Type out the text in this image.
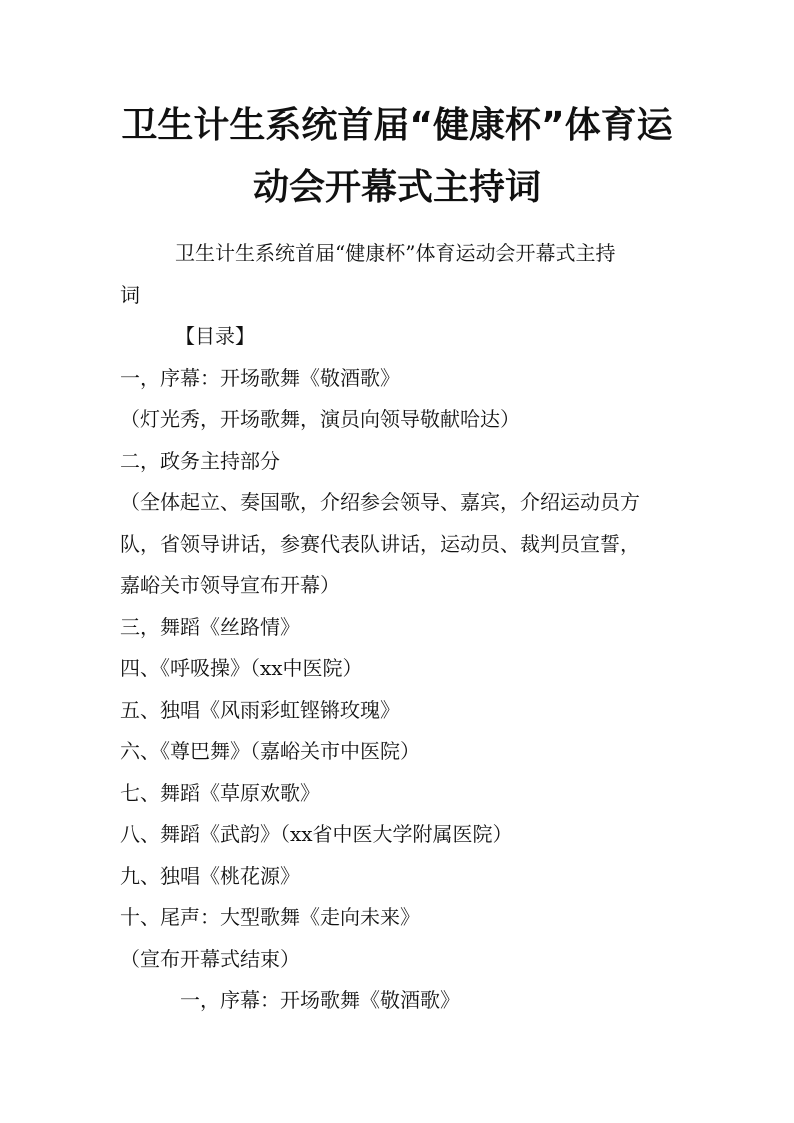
卫生计生系统首届“健康杯”体育运
动会开幕式主持词
卫生计生系统首届“健康杯”体育运动会开幕式主持
词
【目录】
一，序幕：开场歌舞《敬酒歌》
（灯光秀，开场歌舞，演员向领导敬献哈达）
二，政务主持部分
（全体起立、奏国歌，介绍参会领导、嘉宾，介绍运动员方
队，省领导讲话，参赛代表队讲话，运动员、裁判员宣誓，
嘉峪关市领导宣布开幕）
三，舞蹈《丝路情》
四、《呼吸操》（xx中医院）
五、独唱《风雨彩虹铿锵玫瑰》
六、《尊巴舞》（嘉峪关市中医院）
七、舞蹈《草原欢歌》
八、舞蹈《武韵》（xx省中医大学附属医院）
九、独唱《桃花源》
十、尾声：大型歌舞《走向未来》
（宣布开幕式结束）
一，序幕：开场歌舞《敬酒歌》
